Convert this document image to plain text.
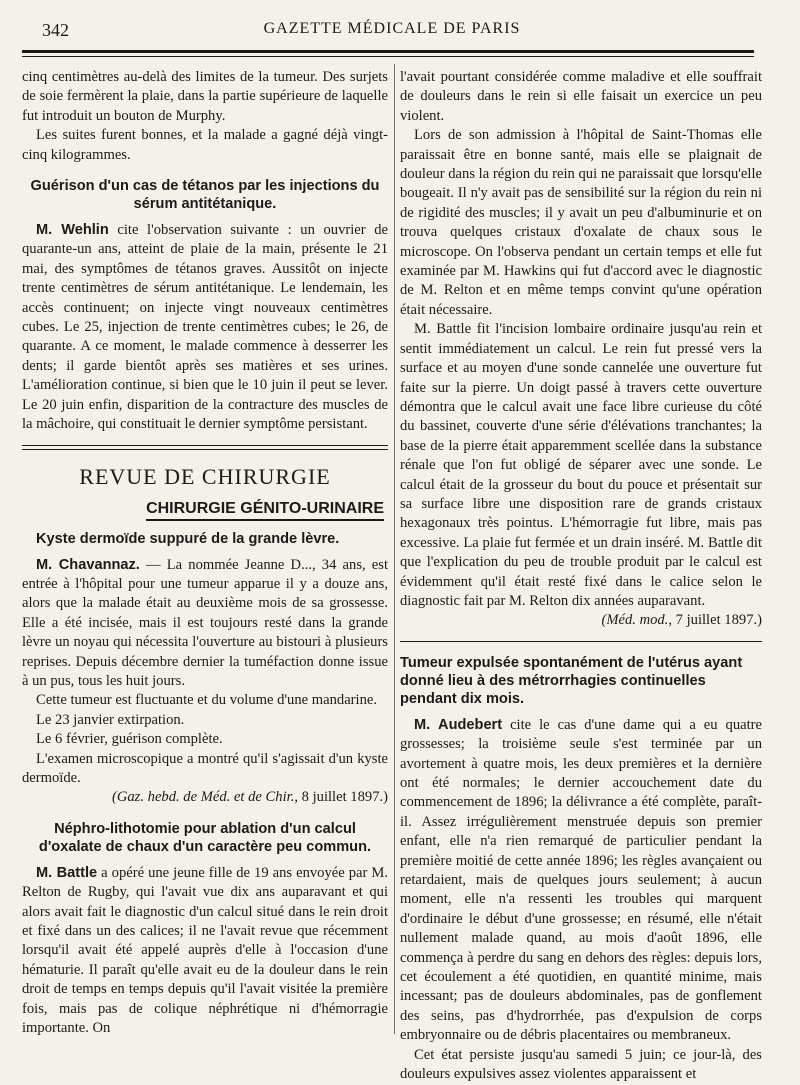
342	GAZETTE MÉDICALE DE PARIS

cinq centimètres au-delà des limites de la tumeur. Des surjets de soie fermèrent la plaie, dans la partie supérieure de laquelle fut introduit un bouton de Murphy.

Les suites furent bonnes, et la malade a gagné déjà vingt-cinq kilogrammes.

Guérison d'un cas de tétanos par les injections du sérum antitétanique.

M. Wehlin cite l'observation suivante : un ouvrier de quarante-un ans, atteint de plaie de la main, présente le 21 mai, des symptômes de tétanos graves. Aussitôt on injecte trente centimètres de sérum antitétanique. Le lendemain, les accès continuent; on injecte vingt nouveaux centimètres cubes. Le 25, injection de trente centimètres cubes; le 26, de quarante. A ce moment, le malade commence à desserrer les dents; il garde bientôt après ses matières et ses urines. L'amélioration continue, si bien que le 10 juin il peut se lever. Le 20 juin enfin, disparition de la contracture des muscles de la mâchoire, qui constituait le dernier symptôme persistant.

REVUE DE CHIRURGIE
CHIRURGIE GÉNITO-URINAIRE
Kyste dermoïde suppuré de la grande lèvre.

M. Chavannaz. — La nommée Jeanne D..., 34 ans, est entrée à l'hôpital pour une tumeur apparue il y a douze ans, alors que la malade était au deuxième mois de sa grossesse. Elle a été incisée, mais il est toujours resté dans la grande lèvre un noyau qui nécessita l'ouverture au bistouri à plusieurs reprises. Depuis décembre dernier la tuméfaction donne issue à un pus, tous les huit jours.

Cette tumeur est fluctuante et du volume d'une mandarine.

Le 23 janvier extirpation.

Le 6 février, guérison complète.

L'examen microscopique a montré qu'il s'agissait d'un kyste dermoïde.

(Gaz. hebd. de Méd. et de Chir., 8 juillet 1897.)

Néphro-lithotomie pour ablation d'un calcul d'oxalate de chaux d'un caractère peu commun.

M. Battle a opéré une jeune fille de 19 ans envoyée par M. Relton de Rugby, qui l'avait vue dix ans auparavant et qui alors avait fait le diagnostic d'un calcul situé dans le rein droit et fixé dans un des calices; il ne l'avait revue que récemment lorsqu'il avait été appelé auprès d'elle à l'occasion d'une hématurie. Il paraît qu'elle avait eu de la douleur dans le rein droit de temps en temps depuis qu'il l'avait visitée la première fois, mais pas de colique néphrétique ni d'hémorragie importante. On

l'avait pourtant considérée comme maladive et elle souffrait de douleurs dans le rein si elle faisait un exercice un peu violent.

Lors de son admission à l'hôpital de Saint-Thomas elle paraissait être en bonne santé, mais elle se plaignait de douleur dans la région du rein qui ne paraissait que lorsqu'elle bougeait. Il n'y avait pas de sensibilité sur la région du rein ni de rigidité des muscles; il y avait un peu d'albuminurie et on trouva quelques cristaux d'oxalate de chaux sous le microscope. On l'observa pendant un certain temps et elle fut examinée par M. Hawkins qui fut d'accord avec le diagnostic de M. Relton et en même temps convint qu'une opération était nécessaire.

M. Battle fit l'incision lombaire ordinaire jusqu'au rein et sentit immédiatement un calcul. Le rein fut pressé vers la surface et au moyen d'une sonde cannelée une ouverture fut faite sur la pierre. Un doigt passé à travers cette ouverture démontra que le calcul avait une face libre curieuse du côté du bassinet, couverte d'une série d'élévations tranchantes; la base de la pierre était apparemment scellée dans la substance rénale que l'on fut obligé de séparer avec une sonde. Le calcul était de la grosseur du bout du pouce et présentait sur sa surface libre une disposition rare de grands cristaux hexagonaux très pointus. L'hémorragie fut libre, mais pas excessive. La plaie fut fermée et un drain inséré. M. Battle dit que l'explication du peu de trouble produit par le calcul est évidemment qu'il était resté fixé dans le calice selon le diagnostic fait par M. Relton dix années auparavant.

(Méd. mod., 7 juillet 1897.)

Tumeur expulsée spontanément de l'utérus ayant donné lieu à des métrorrhagies continuelles pendant dix mois.

M. Audebert cite le cas d'une dame qui a eu quatre grossesses; la troisième seule s'est terminée par un avortement à quatre mois, les deux premières et la dernière ont été normales; le dernier accouchement date du commencement de 1896; la délivrance a été complète, paraît-il. Assez irrégulièrement menstruée depuis son premier enfant, elle n'a rien remarqué de particulier pendant la première moitié de cette année 1896; les règles avançaient ou retardaient, mais de quelques jours seulement; à aucun moment, elle n'a ressenti les troubles qui marquent d'ordinaire le début d'une grossesse; en résumé, elle n'était nullement malade quand, au mois d'août 1896, elle commença à perdre du sang en dehors des règles: depuis lors, cet écoulement a été quotidien, en quantité minime, mais incessant; pas de douleurs abdominales, pas de gonflement des seins, pas d'hydrorrhée, pas d'expulsion de corps embryonnaire ou de débris placentaires ou membraneux.

Cet état persiste jusqu'au samedi 5 juin; ce jour-là, des douleurs expulsives assez violentes apparaissent et
